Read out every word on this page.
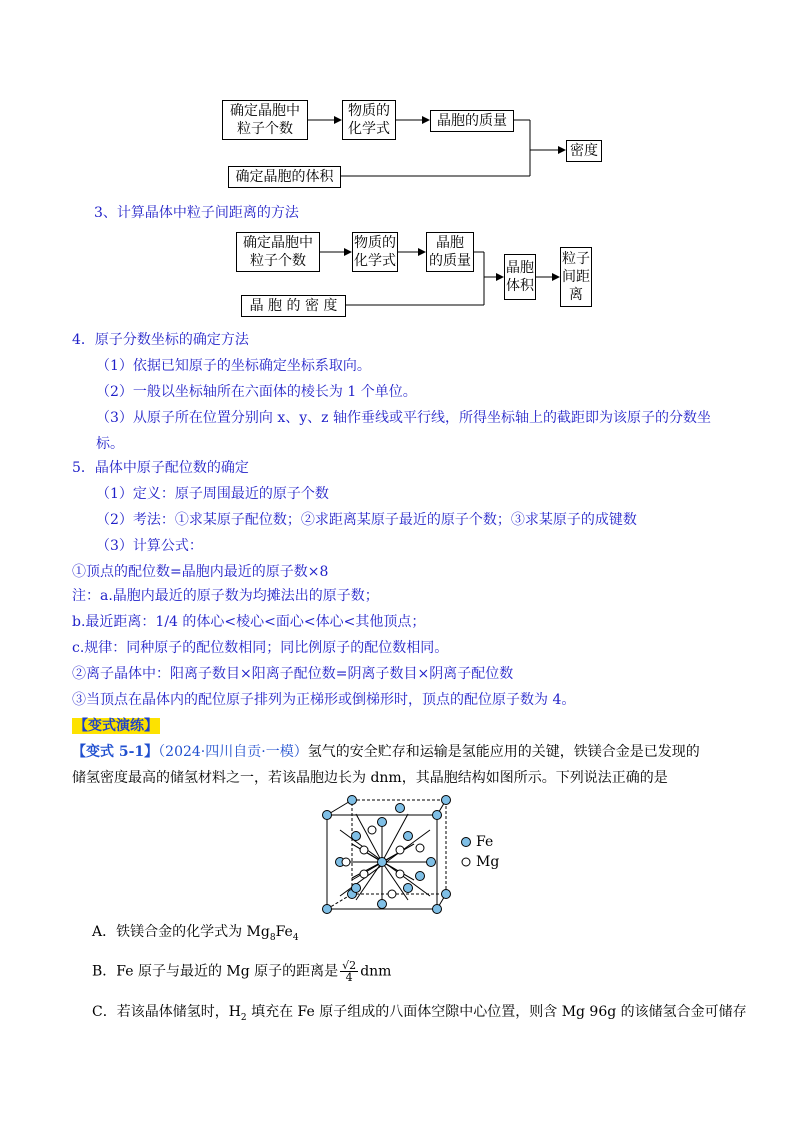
确定晶胞中
粒子个数
物质的
化学式	晶胞的质量
确定晶胞的体积
密度
3、计算晶体中粒子间距离的方法
确定晶胞中
粒子个数
物质的
化学式
晶胞
的质量
晶 胞 的 密 度
晶胞
体积
粒子
间距
离
4．原子分数坐标的确定方法
（1）依据已知原子的坐标确定坐标系取向。
（2）一般以坐标轴所在六面体的棱长为 1 个单位。
（3）从原子所在位置分别向 x、y、z 轴作垂线或平行线，所得坐标轴上的截距即为该原子的分数坐
标。
5．晶体中原子配位数的确定
（1）定义：原子周围最近的原子个数
（2）考法：①求某原子配位数；②求距离某原子最近的原子个数；③求某原子的成键数
（3）计算公式：
①顶点的配位数=晶胞内最近的原子数×8
注：a.晶胞内最近的原子数为均摊法出的原子数；
b.最近距离：1/4 的体心<棱心<面心<体心<其他顶点；
c.规律：同种原子的配位数相同；同比例原子的配位数相同。
②离子晶体中：阳离子数目×阳离子配位数=阴离子数目×阴离子配位数
③当顶点在晶体内的配位原子排列为正梯形或倒梯形时，顶点的配位原子数为 4。
【变式演练】
【变式 5-1】（2024·四川自贡·一模）氢气的安全贮存和运输是氢能应用的关键，铁镁合金是已发现的
储氢密度最高的储氢材料之一，若该晶胞边长为 dnm，其晶胞结构如图所示。下列说法正确的是
Fe
Mg
A．铁镁合金的化学式为 $Mg_8Fe_4$
B．Fe 原子与最近的 Mg 原子的距离是 $\frac{√2}{4}$ dnm
C．若该晶体储氢时，$H_2$ 填充在 Fe 原子组成的八面体空隙中心位置，则含 Mg 96g 的该储氢合金可储存
